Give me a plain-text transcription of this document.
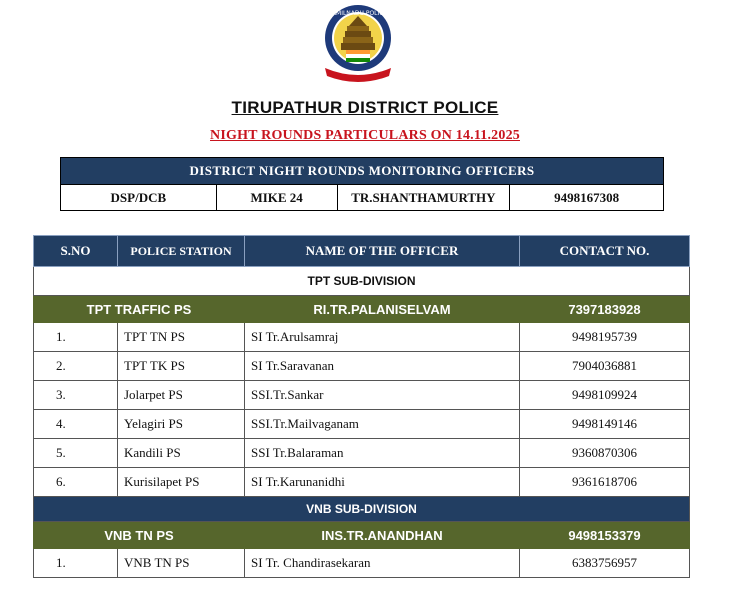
TAMILNADU POLICE
TIRUPATHUR DISTRICT POLICE
NIGHT ROUNDS PARTICULARS ON 14.11.2025
DISTRICT NIGHT ROUNDS MONITORING OFFICERS
DSP/DCB	MIKE 24	TR.SHANTHAMURTHY	9498167308
S.NO	POLICE STATION	NAME OF THE OFFICER	CONTACT NO.
TPT SUB-DIVISION			
TPT TRAFFIC PS		RI.TR.PALANISELVAM	7397183928
1.	TPT TN PS	SI Tr.Arulsamraj	9498195739
2.	TPT TK PS	SI Tr.Saravanan	7904036881
3.	Jolarpet PS	SSI.Tr.Sankar	9498109924
4.	Yelagiri PS	SSI.Tr.Mailvaganam	9498149146
5.	Kandili PS	SSI Tr.Balaraman	9360870306
6.	Kurisilapet PS	SI Tr.Karunanidhi	9361618706
VNB SUB-DIVISION			
VNB TN PS		INS.TR.ANANDHAN	9498153379
1.	VNB TN PS	SI Tr. Chandirasekaran	6383756957
